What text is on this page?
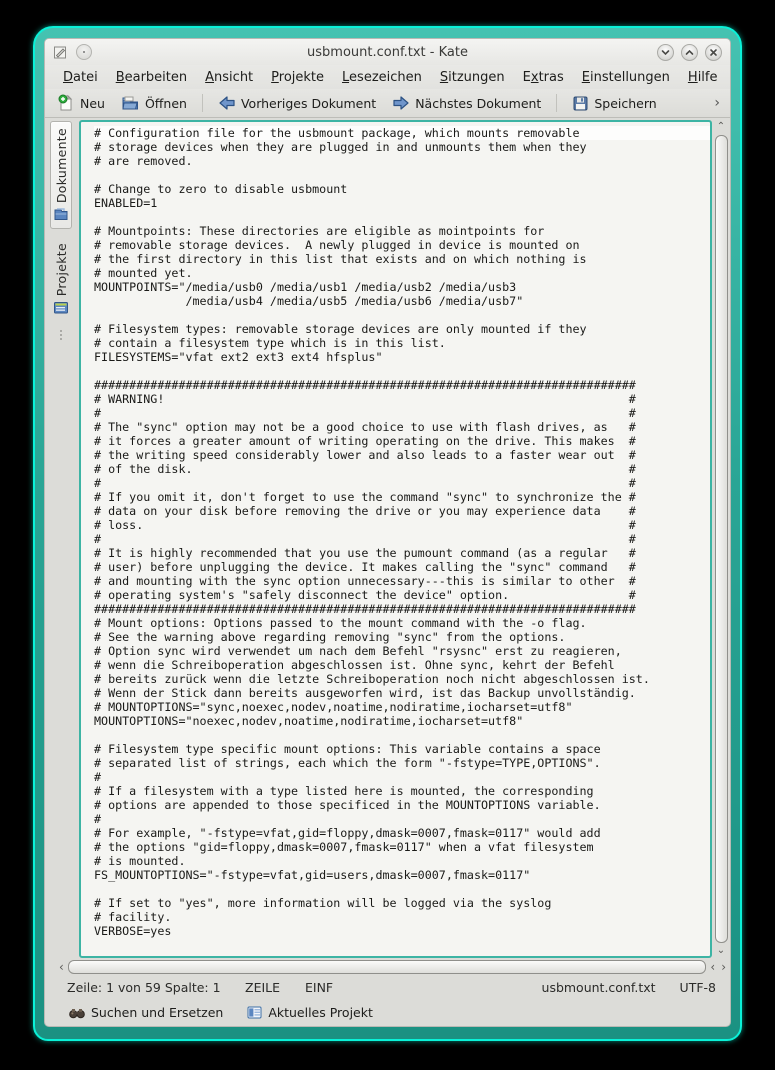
usbmount.conf.txt - Kate
Datei	Bearbeiten	Ansicht	Projekte	Lesezeichen	Sitzungen	Extras	Einstellungen	Hilfe
Neu	Öffnen	Vorheriges Dokument	Nächstes Dokument	Speichern	›
Dokumente
Projekte
# Configuration file for the usbmount package, which mounts removable
# storage devices when they are plugged in and unmounts them when they
# are removed.
# Change to zero to disable usbmount
ENABLED=1
# Mountpoints: These directories are eligible as mointpoints for
# removable storage devices.  A newly plugged in device is mounted on
# the first directory in this list that exists and on which nothing is
# mounted yet.
MOUNTPOINTS="/media/usb0 /media/usb1 /media/usb2 /media/usb3
/media/usb4 /media/usb5 /media/usb6 /media/usb7"
# Filesystem types: removable storage devices are only mounted if they
# contain a filesystem type which is in this list.
FILESYSTEMS="vfat ext2 ext3 ext4 hfsplus"
#############################################################################
# WARNING!                                                                  #
#                                                                           #
# The "sync" option may not be a good choice to use with flash drives, as   #
# it forces a greater amount of writing operating on the drive. This makes  #
# the writing speed considerably lower and also leads to a faster wear out  #
# of the disk.                                                              #
#                                                                           #
# If you omit it, don't forget to use the command "sync" to synchronize the #
# data on your disk before removing the drive or you may experience data    #
# loss.                                                                     #
#                                                                           #
# It is highly recommended that you use the pumount command (as a regular   #
# user) before unplugging the device. It makes calling the "sync" command   #
# and mounting with the sync option unnecessary---this is similar to other  #
# operating system's "safely disconnect the device" option.                 #
#############################################################################
# Mount options: Options passed to the mount command with the -o flag.
# See the warning above regarding removing "sync" from the options.
# Option sync wird verwendet um nach dem Befehl "rsysnc" erst zu reagieren,
# wenn die Schreiboperation abgeschlossen ist. Ohne sync, kehrt der Befehl
# bereits zurück wenn die letzte Schreiboperation noch nicht abgeschlossen ist.
# Wenn der Stick dann bereits ausgeworfen wird, ist das Backup unvollständig.
# MOUNTOPTIONS="sync,noexec,nodev,noatime,nodiratime,iocharset=utf8"
MOUNTOPTIONS="noexec,nodev,noatime,nodiratime,iocharset=utf8"
# Filesystem type specific mount options: This variable contains a space
# separated list of strings, each which the form "-fstype=TYPE,OPTIONS".
#
# If a filesystem with a type listed here is mounted, the corresponding
# options are appended to those specificed in the MOUNTOPTIONS variable.
#
# For example, "-fstype=vfat,gid=floppy,dmask=0007,fmask=0117" would add
# the options "gid=floppy,dmask=0007,fmask=0117" when a vfat filesystem
# is mounted.
FS_MOUNTOPTIONS="-fstype=vfat,gid=users,dmask=0007,fmask=0117"
# If set to "yes", more information will be logged via the syslog
# facility.
VERBOSE=yes
⌃
⌄
‹	‹ ›
Zeile: 1 von 59 Spalte: 1	ZEILE	EINF	usbmount.conf.txt UTF-8
Suchen und Ersetzen	Aktuelles Projekt
